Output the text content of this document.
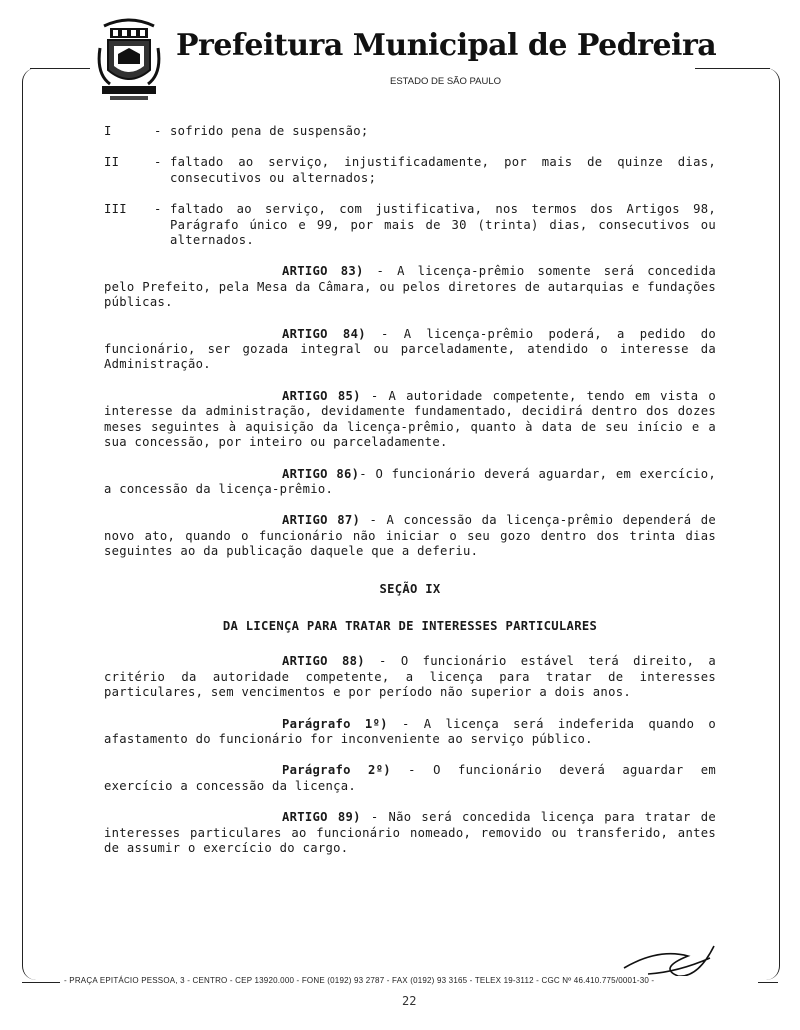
Prefeitura Municipal de Pedreira
ESTADO DE SÃO PAULO
I	- sofrido pena de suspensão;
II	- faltado ao serviço, injustificadamente, por mais de quinze dias, consecutivos ou alternados;
III	- faltado ao serviço, com justificativa, nos termos dos Artigos 98, Parágrafo único e 99, por mais de 30 (trinta) dias, consecutivos ou alternados.

ARTIGO 83) - A licença-prêmio somente será concedida pelo Prefeito, pela Mesa da Câmara, ou pelos diretores de autarquias e fundações públicas.

ARTIGO 84) - A licença-prêmio poderá, a pedido do funcionário, ser gozada integral ou parceladamente, atendido o interesse da Administração.

ARTIGO 85) - A autoridade competente, tendo em vista o interesse da administração, devidamente fundamentado, decidirá dentro dos dozes meses seguintes à aquisição da licença-prêmio, quanto à data de seu início e a sua concessão, por inteiro ou parceladamente.

ARTIGO 86)- O funcionário deverá aguardar, em exercício, a concessão da licença-prêmio.

ARTIGO 87) - A concessão da licença-prêmio dependerá de novo ato, quando o funcionário não iniciar o seu gozo dentro dos trinta dias seguintes ao da publicação daquele que a deferiu.

SEÇÃO IX
DA LICENÇA PARA TRATAR DE INTERESSES PARTICULARES

ARTIGO 88) - O funcionário estável terá direito, a critério da autoridade competente, a licença para tratar de interesses particulares, sem vencimentos e por período não superior a dois anos.

Parágrafo 1º) - A licença será indeferida quando o afastamento do funcionário for inconveniente ao serviço público.

Parágrafo 2º) - O funcionário deverá aguardar em exercício a concessão da licença.

ARTIGO 89) - Não será concedida licença para tratar de interesses particulares ao funcionário nomeado, removido ou transferido, antes de assumir o exercício do cargo.

- PRAÇA EPITÁCIO PESSOA, 3 - CENTRO - CEP 13920.000 - FONE (0192) 93 2787 - FAX (0192) 93 3165 - TELEX 19-3112 - CGC Nº 46.410.775/0001-30 -
22
